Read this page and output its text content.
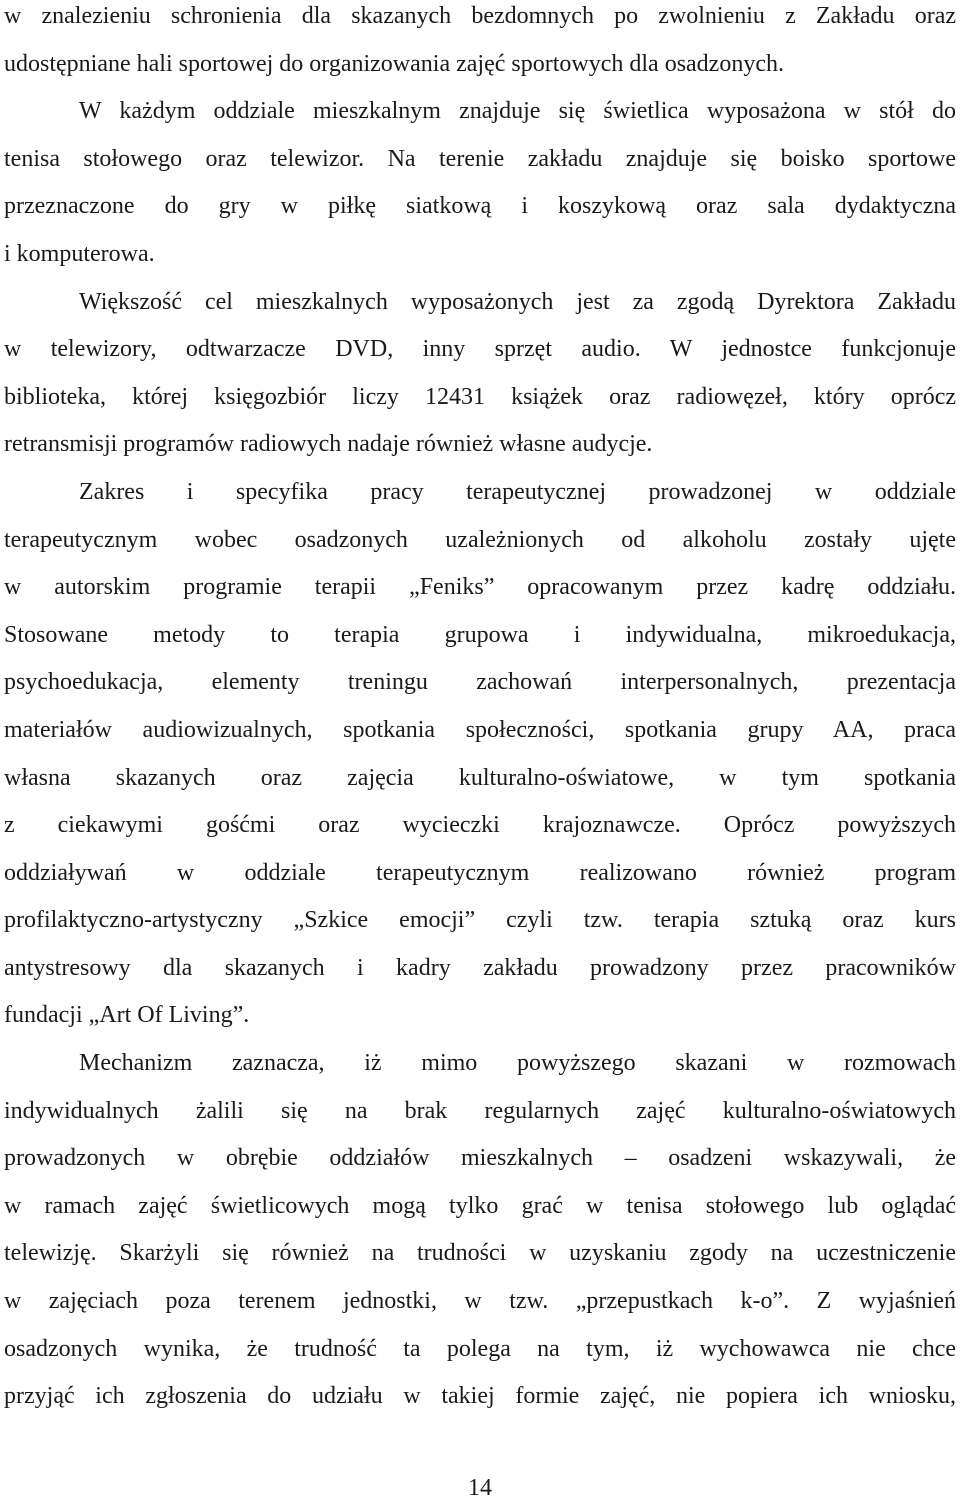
w znalezieniu schronienia dla skazanych bezdomnych po zwolnieniu z Zakładu oraz
udostępniane hali sportowej do organizowania zajęć sportowych dla osadzonych.
W każdym oddziale mieszkalnym znajduje się świetlica wyposażona w stół do
tenisa stołowego oraz telewizor. Na terenie zakładu znajduje się boisko sportowe
przeznaczone do gry w piłkę siatkową i koszykową oraz sala dydaktyczna
i komputerowa.
Większość cel mieszkalnych wyposażonych jest za zgodą Dyrektora Zakładu
w telewizory, odtwarzacze DVD, inny sprzęt audio. W jednostce funkcjonuje
biblioteka, której księgozbiór liczy 12431 książek oraz radiowęzeł, który oprócz
retransmisji programów radiowych nadaje również własne audycje.
Zakres i specyfika pracy terapeutycznej prowadzonej w oddziale
terapeutycznym wobec osadzonych uzależnionych od alkoholu zostały ujęte
w autorskim programie terapii „Feniks” opracowanym przez kadrę oddziału.
Stosowane metody to terapia grupowa i indywidualna, mikroedukacja,
psychoedukacja, elementy treningu zachowań interpersonalnych, prezentacja
materiałów audiowizualnych, spotkania społeczności, spotkania grupy AA, praca
własna skazanych oraz zajęcia kulturalno-oświatowe, w tym spotkania
z ciekawymi gośćmi oraz wycieczki krajoznawcze. Oprócz powyższych
oddziaływań w oddziale terapeutycznym realizowano również program
profilaktyczno-artystyczny „Szkice emocji” czyli tzw. terapia sztuką oraz kurs
antystresowy dla skazanych i kadry zakładu prowadzony przez pracowników
fundacji „Art Of Living”.
Mechanizm zaznacza, iż mimo powyższego skazani w rozmowach
indywidualnych żalili się na brak regularnych zajęć kulturalno-oświatowych
prowadzonych w obrębie oddziałów mieszkalnych – osadzeni wskazywali, że
w ramach zajęć świetlicowych mogą tylko grać w tenisa stołowego lub oglądać
telewizję. Skarżyli się również na trudności w uzyskaniu zgody na uczestniczenie
w zajęciach poza terenem jednostki, w tzw. „przepustkach k-o”. Z wyjaśnień
osadzonych wynika, że trudność ta polega na tym, iż wychowawca nie chce
przyjąć ich zgłoszenia do udziału w takiej formie zajęć, nie popiera ich wniosku,
14
